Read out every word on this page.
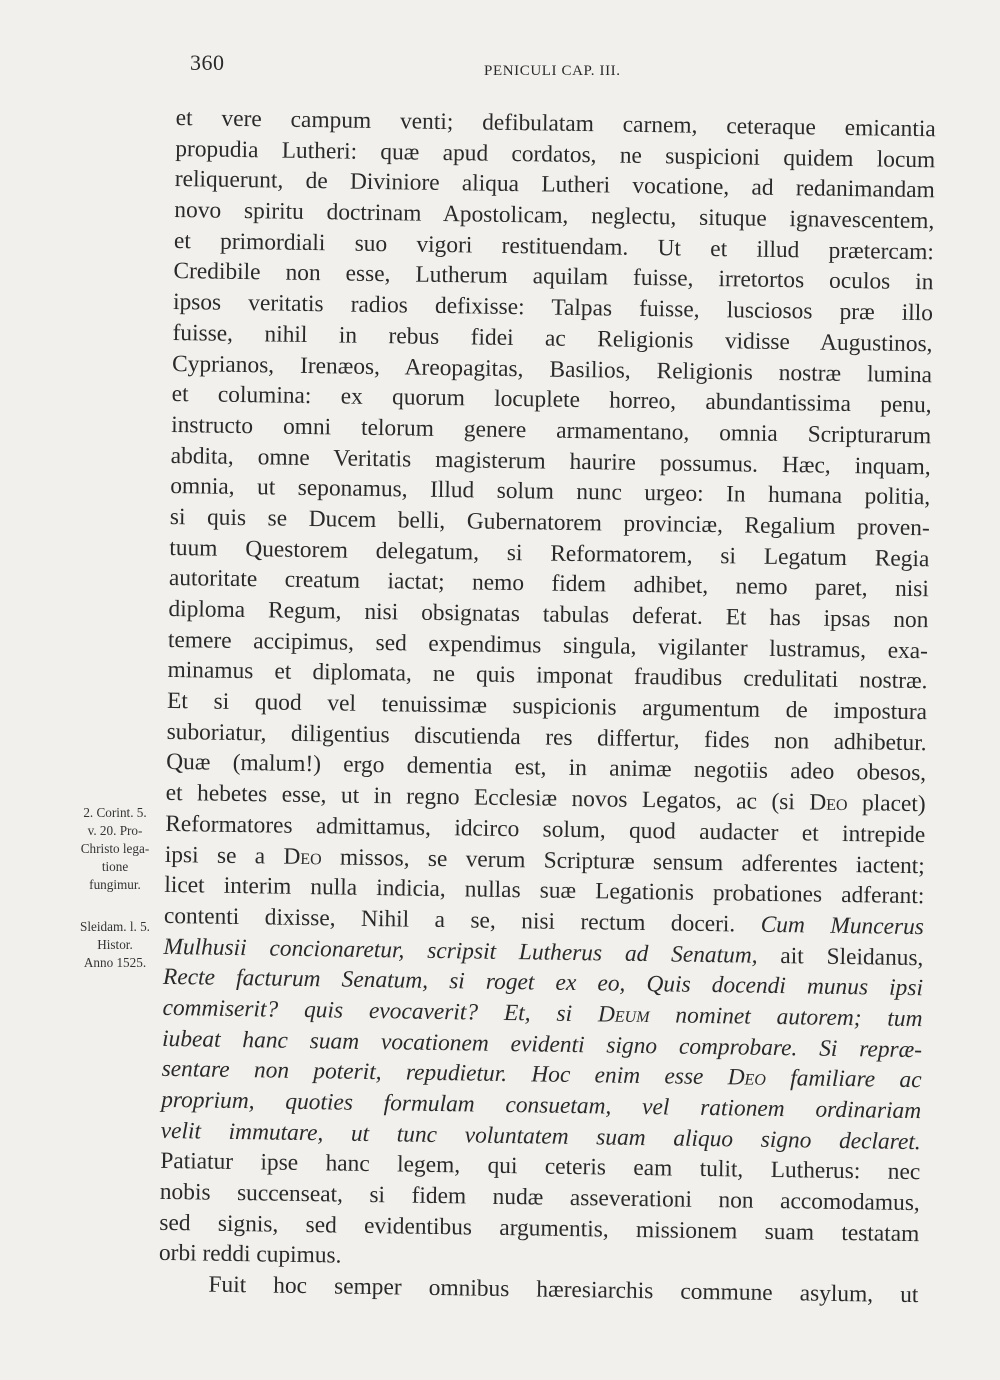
360	PENICULI CAP. III.
2. Corint. 5.
v. 20. Pro-
Christo lega-
tione
fungimur.
Sleidam. l. 5.
Histor.
Anno 1525.
et vere campum venti; defibulatam carnem, ceteraque emicantia
propudia Lutheri: quæ apud cordatos, ne suspicioni quidem locum
reliquerunt, de Diviniore aliqua Lutheri vocatione, ad redanimandam
novo spiritu doctrinam Apostolicam, neglectu, situque ignavescentem,
et primordiali suo vigori restituendam. Ut et illud prætercam:
Credibile non esse, Lutherum aquilam fuisse, irretortos oculos in
ipsos veritatis radios defixisse: Talpas fuisse, lusciosos præ illo
fuisse, nihil in rebus fidei ac Religionis vidisse Augustinos,
Cyprianos, Irenæos, Areopagitas, Basilios, Religionis nostræ lumina
et columina: ex quorum locuplete horreo, abundantissima penu,
instructo omni telorum genere armamentano, omnia Scripturarum
abdita, omne Veritatis magisterum haurire possumus. Hæc, inquam,
omnia, ut seponamus, Illud solum nunc urgeo: In humana politia,
si quis se Ducem belli, Gubernatorem provinciæ, Regalium proven-
tuum Questorem delegatum, si Reformatorem, si Legatum Regia
autoritate creatum iactat; nemo fidem adhibet, nemo paret, nisi
diploma Regum, nisi obsignatas tabulas deferat. Et has ipsas non
temere accipimus, sed expendimus singula, vigilanter lustramus, exa-
minamus et diplomata, ne quis imponat fraudibus credulitati nostræ.
Et si quod vel tenuissimæ suspicionis argumentum de impostura
suboriatur, diligentius discutienda res differtur, fides non adhibetur.
Quæ (malum!) ergo dementia est, in animæ negotiis adeo obesos,
et hebetes esse, ut in regno Ecclesiæ novos Legatos, ac (si Deo placet)
Reformatores admittamus, idcirco solum, quod audacter et intrepide
ipsi se a Deo missos, se verum Scripturæ sensum adferentes iactent;
licet interim nulla indicia, nullas suæ Legationis probationes adferant:
contenti dixisse, Nihil a se, nisi rectum doceri. Cum Muncerus
Mulhusii concionaretur, scripsit Lutherus ad Senatum, ait Sleidanus,
Recte facturum Senatum, si roget ex eo, Quis docendi munus ipsi
commiserit? quis evocaverit? Et, si Deum nominet autorem; tum
iubeat hanc suam vocationem evidenti signo comprobare. Si repræ-
sentare non poterit, repudietur. Hoc enim esse Deo familiare ac
proprium, quoties formulam consuetam, vel rationem ordinariam
velit immutare, ut tunc voluntatem suam aliquo signo declaret.
Patiatur ipse hanc legem, qui ceteris eam tulit, Lutherus: nec
nobis succenseat, si fidem nudæ asseverationi non accomodamus,
sed signis, sed evidentibus argumentis, missionem suam testatam
orbi reddi cupimus.
Fuit hoc semper omnibus hæresiarchis commune asylum, ut
